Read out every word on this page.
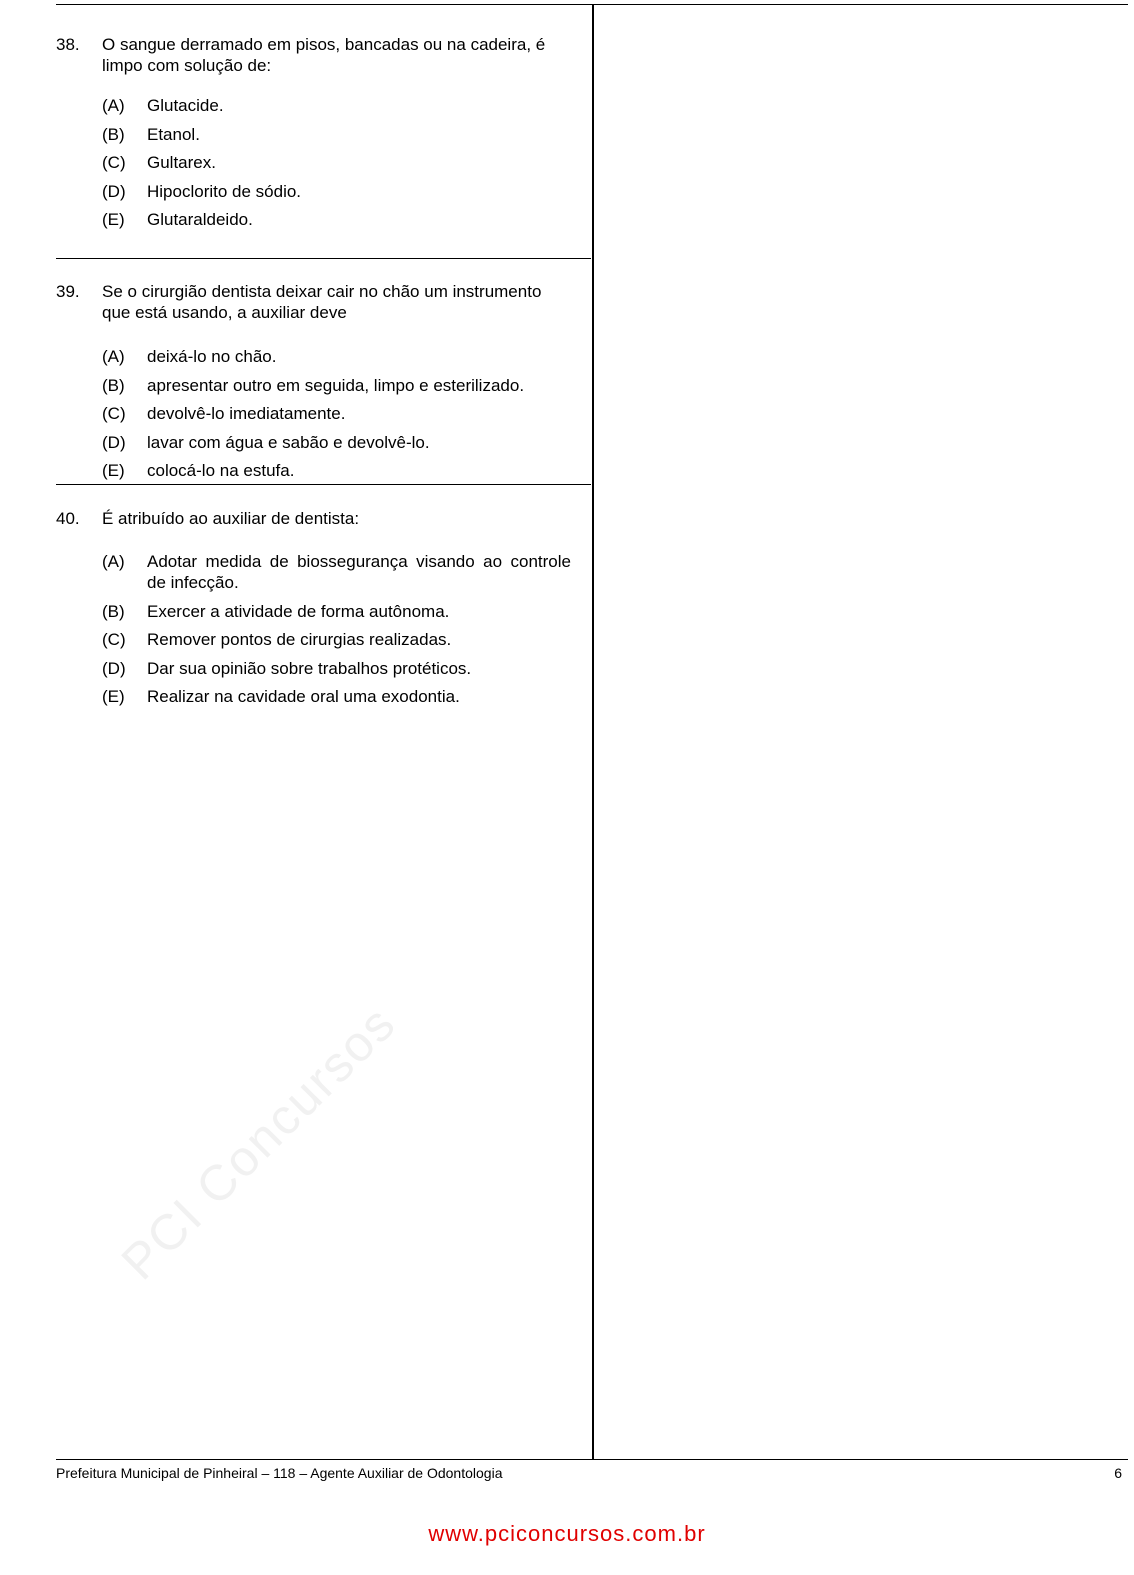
38.	O sangue derramado em pisos, bancadas ou na cadeira, é limpo com solução de:
(A)	Glutacide.
(B)	Etanol.
(C)	Gultarex.
(D)	Hipoclorito de sódio.
(E)	Glutaraldeido.
39.	Se o cirurgião dentista deixar cair no chão um instrumento que está usando, a auxiliar deve
(A)	deixá-lo no chão.
(B)	apresentar outro em seguida, limpo e esterilizado.
(C)	devolvê-lo imediatamente.
(D)	lavar com água e sabão e devolvê-lo.
(E)	colocá-lo na estufa.
40.	É atribuído ao auxiliar de dentista:
(A)	Adotar medida de biossegurança visando ao controle de infecção.
(B)	Exercer a atividade de forma autônoma.
(C)	Remover pontos de cirurgias realizadas.
(D)	Dar sua opinião sobre trabalhos protéticos.
(E)	Realizar na cavidade oral uma exodontia.
PCI Concursos
Prefeitura Municipal de Pinheiral – 118 – Agente Auxiliar de Odontologia	6
www.pciconcursos.com.br
